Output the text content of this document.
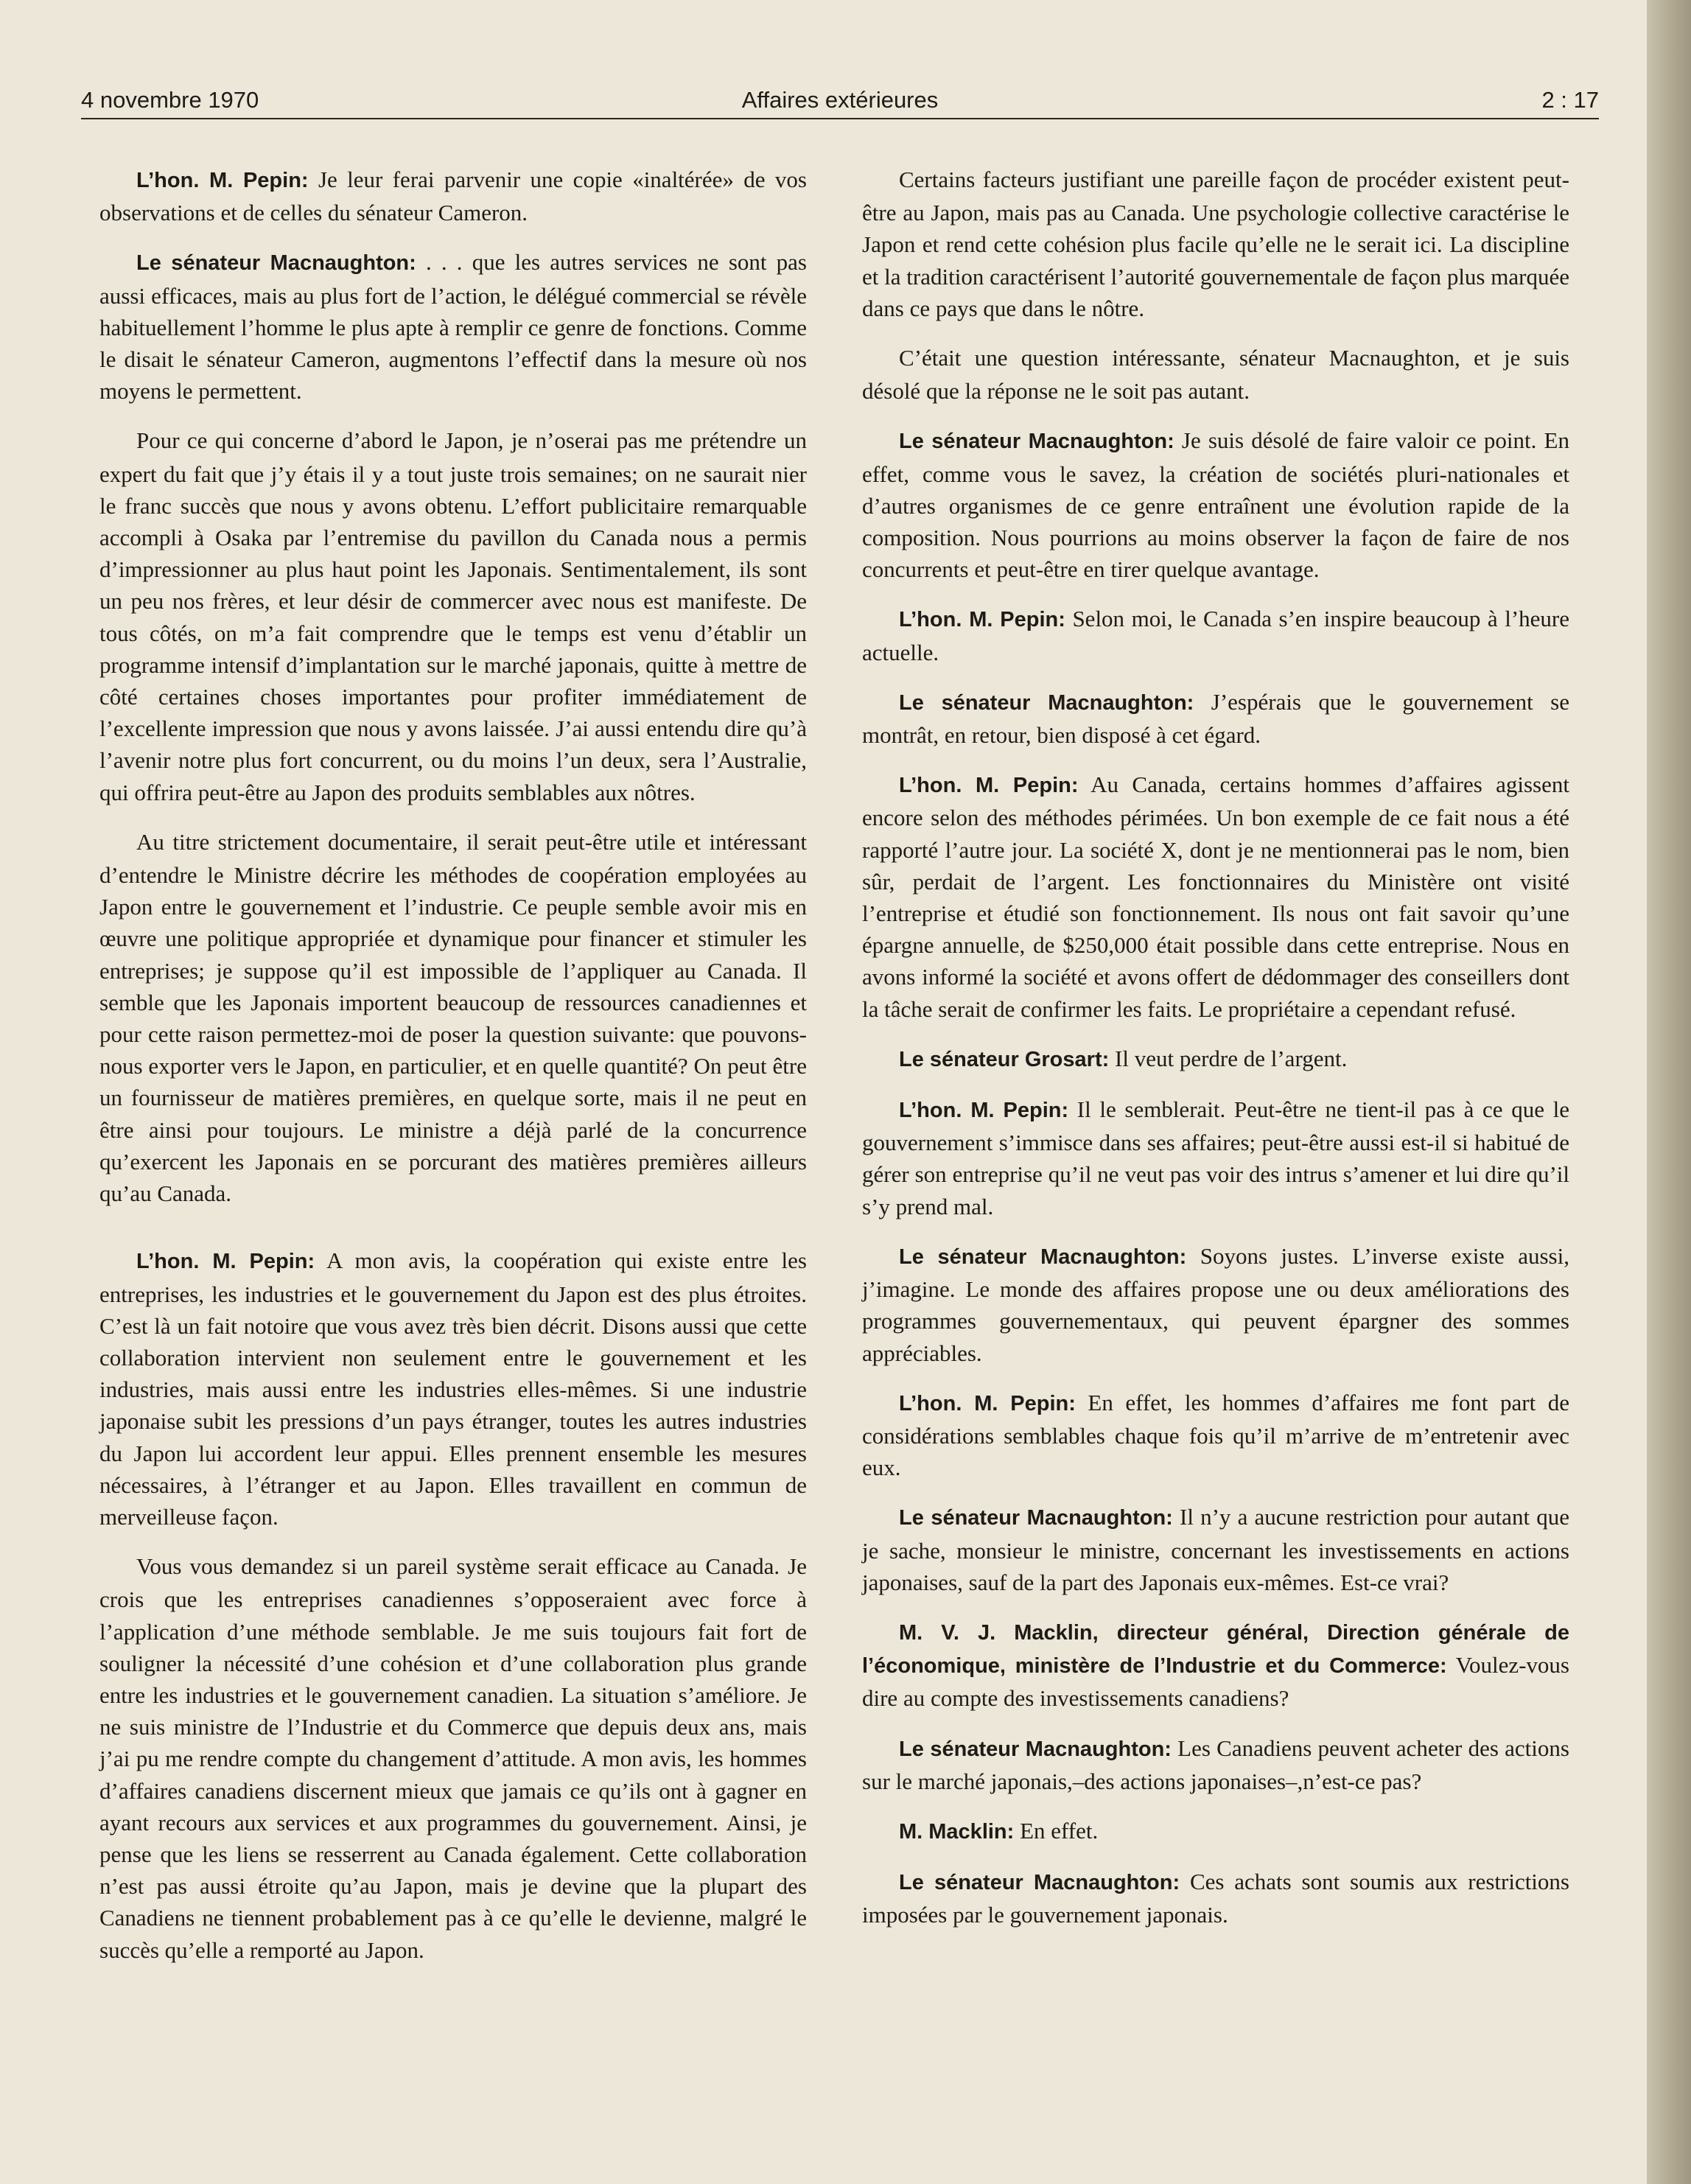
4 novembre 1970	Affaires extérieures	2 : 17

L’hon. M. Pepin: Je leur ferai parvenir une copie «inaltérée» de vos observations et de celles du sénateur Cameron.

Le sénateur Macnaughton: . . . que les autres services ne sont pas aussi efficaces, mais au plus fort de l’action, le délégué commercial se révèle habituellement l’homme le plus apte à remplir ce genre de fonctions. Comme le disait le sénateur Cameron, augmentons l’effectif dans la mesure où nos moyens le permettent.

Pour ce qui concerne d’abord le Japon, je n’oserai pas me prétendre un expert du fait que j’y étais il y a tout juste trois semaines; on ne saurait nier le franc succès que nous y avons obtenu. L’effort publicitaire remarquable accompli à Osaka par l’entremise du pavillon du Canada nous a permis d’impressionner au plus haut point les Japonais. Sentimentalement, ils sont un peu nos frères, et leur désir de commercer avec nous est manifeste. De tous côtés, on m’a fait comprendre que le temps est venu d’établir un programme intensif d’implantation sur le marché japonais, quitte à mettre de côté certaines choses importantes pour profiter immédiatement de l’excellente impression que nous y avons laissée. J’ai aussi entendu dire qu’à l’avenir notre plus fort concurrent, ou du moins l’un deux, sera l’Australie, qui offrira peut-être au Japon des produits semblables aux nôtres.

Au titre strictement documentaire, il serait peut-être utile et intéressant d’entendre le Ministre décrire les méthodes de coopération employées au Japon entre le gouvernement et l’industrie. Ce peuple semble avoir mis en œuvre une politique appropriée et dynamique pour financer et stimuler les entreprises; je suppose qu’il est impossible de l’appliquer au Canada. Il semble que les Japonais importent beaucoup de ressources canadiennes et pour cette raison permettez-moi de poser la question suivante: que pouvons-nous exporter vers le Japon, en particulier, et en quelle quantité? On peut être un fournisseur de matières premières, en quelque sorte, mais il ne peut en être ainsi pour toujours. Le ministre a déjà parlé de la concurrence qu’exercent les Japonais en se porcurant des matières premières ailleurs qu’au Canada.

L’hon. M. Pepin: A mon avis, la coopération qui existe entre les entreprises, les industries et le gouvernement du Japon est des plus étroites. C’est là un fait notoire que vous avez très bien décrit. Disons aussi que cette collaboration intervient non seulement entre le gouvernement et les industries, mais aussi entre les industries elles-mêmes. Si une industrie japonaise subit les pressions d’un pays étranger, toutes les autres industries du Japon lui accordent leur appui. Elles prennent ensemble les mesures nécessaires, à l’étranger et au Japon. Elles travaillent en commun de merveilleuse façon.

Vous vous demandez si un pareil système serait efficace au Canada. Je crois que les entreprises canadiennes s’opposeraient avec force à l’application d’une méthode semblable. Je me suis toujours fait fort de souligner la nécessité d’une cohésion et d’une collaboration plus grande entre les industries et le gouvernement canadien. La situation s’améliore. Je ne suis ministre de l’Industrie et du Commerce que depuis deux ans, mais j’ai pu me rendre compte du changement d’attitude. A mon avis, les hommes d’affaires canadiens discernent mieux que jamais ce qu’ils ont à gagner en ayant recours aux services et aux programmes du gouvernement. Ainsi, je pense que les liens se resserrent au Canada également. Cette collaboration n’est pas aussi étroite qu’au Japon, mais je devine que la plupart des Canadiens ne tiennent probablement pas à ce qu’elle le devienne, malgré le succès qu’elle a remporté au Japon.

Certains facteurs justifiant une pareille façon de procéder existent peut-être au Japon, mais pas au Canada. Une psychologie collective caractérise le Japon et rend cette cohésion plus facile qu’elle ne le serait ici. La discipline et la tradition caractérisent l’autorité gouvernementale de façon plus marquée dans ce pays que dans le nôtre.

C’était une question intéressante, sénateur Macnaughton, et je suis désolé que la réponse ne le soit pas autant.

Le sénateur Macnaughton: Je suis désolé de faire valoir ce point. En effet, comme vous le savez, la création de sociétés pluri-nationales et d’autres organismes de ce genre entraînent une évolution rapide de la composition. Nous pourrions au moins observer la façon de faire de nos concurrents et peut-être en tirer quelque avantage.

L’hon. M. Pepin: Selon moi, le Canada s’en inspire beaucoup à l’heure actuelle.

Le sénateur Macnaughton: J’espérais que le gouvernement se montrât, en retour, bien disposé à cet égard.

L’hon. M. Pepin: Au Canada, certains hommes d’affaires agissent encore selon des méthodes périmées. Un bon exemple de ce fait nous a été rapporté l’autre jour. La société X, dont je ne mentionnerai pas le nom, bien sûr, perdait de l’argent. Les fonctionnaires du Ministère ont visité l’entreprise et étudié son fonctionnement. Ils nous ont fait savoir qu’une épargne annuelle, de $250,000 était possible dans cette entreprise. Nous en avons informé la société et avons offert de dédommager des conseillers dont la tâche serait de confirmer les faits. Le propriétaire a cependant refusé.

Le sénateur Grosart: Il veut perdre de l’argent.

L’hon. M. Pepin: Il le semblerait. Peut-être ne tient-il pas à ce que le gouvernement s’immisce dans ses affaires; peut-être aussi est-il si habitué de gérer son entreprise qu’il ne veut pas voir des intrus s’amener et lui dire qu’il s’y prend mal.

Le sénateur Macnaughton: Soyons justes. L’inverse existe aussi, j’imagine. Le monde des affaires propose une ou deux améliorations des programmes gouvernementaux, qui peuvent épargner des sommes appréciables.

L’hon. M. Pepin: En effet, les hommes d’affaires me font part de considérations semblables chaque fois qu’il m’arrive de m’entretenir avec eux.

Le sénateur Macnaughton: Il n’y a aucune restriction pour autant que je sache, monsieur le ministre, concernant les investissements en actions japonaises, sauf de la part des Japonais eux-mêmes. Est-ce vrai?

M. V. J. Macklin, directeur général, Direction générale de l’économique, ministère de l’Industrie et du Commerce: Voulez-vous dire au compte des investissements canadiens?

Le sénateur Macnaughton: Les Canadiens peuvent acheter des actions sur le marché japonais,–des actions japonaises–,n’est-ce pas?

M. Macklin: En effet.

Le sénateur Macnaughton: Ces achats sont soumis aux restrictions imposées par le gouvernement japonais.
